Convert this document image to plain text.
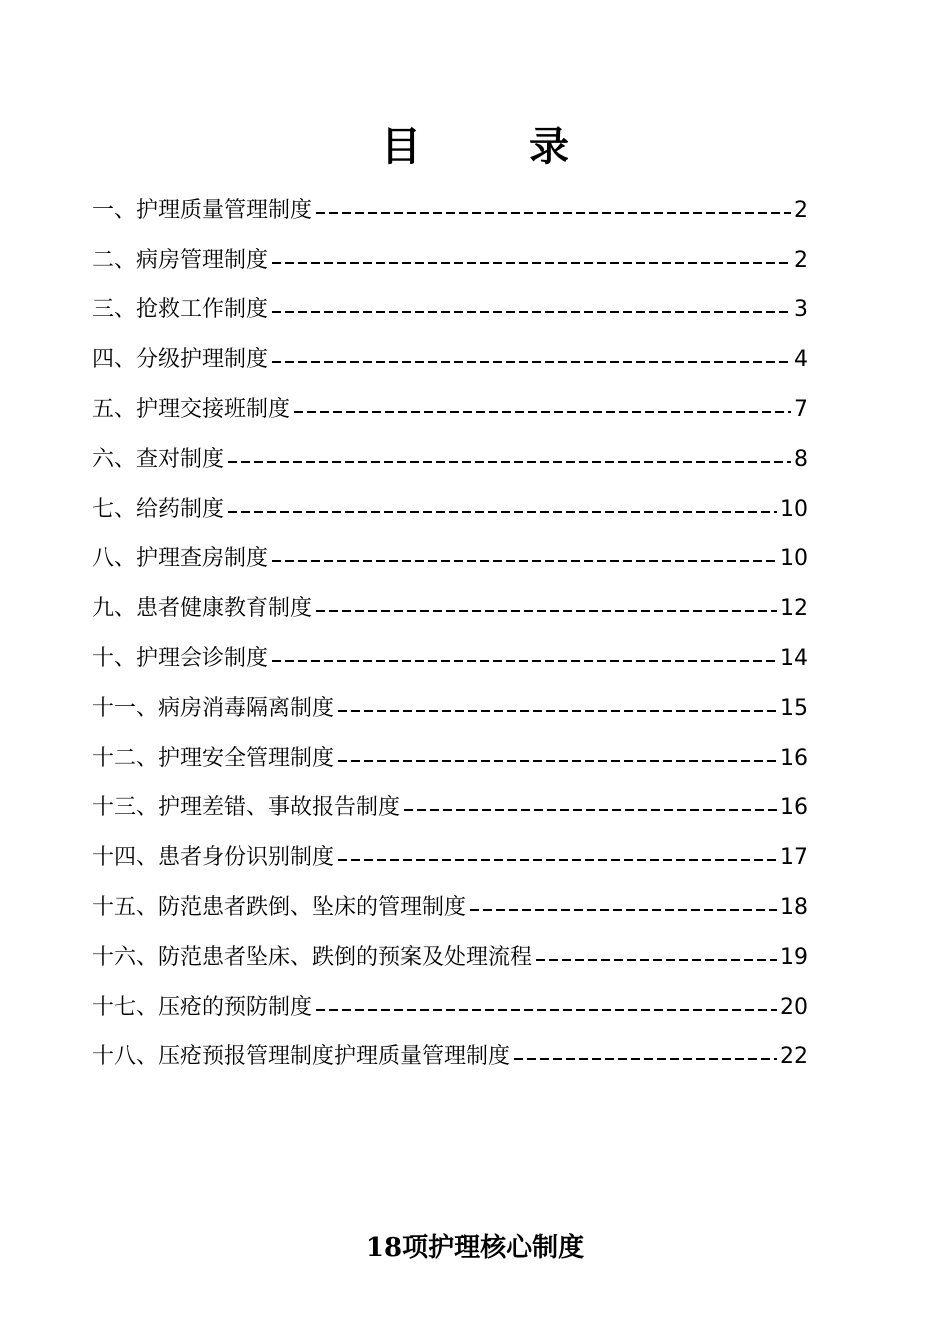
目　录
一、护理质量管理制度	2
二、病房管理制度	2
三、抢救工作制度	3
四、分级护理制度	4
五、护理交接班制度	7
六、查对制度	8
七、给药制度	10
八、护理查房制度	10
九、患者健康教育制度	12
十、护理会诊制度	14
十一、病房消毒隔离制度	15
十二、护理安全管理制度	16
十三、护理差错、事故报告制度	16
十四、患者身份识别制度	17
十五、防范患者跌倒、坠床的管理制度	18
十六、防范患者坠床、跌倒的预案及处理流程	19
十七、压疮的预防制度	20
十八、压疮预报管理制度护理质量管理制度	22
18项护理核心制度
